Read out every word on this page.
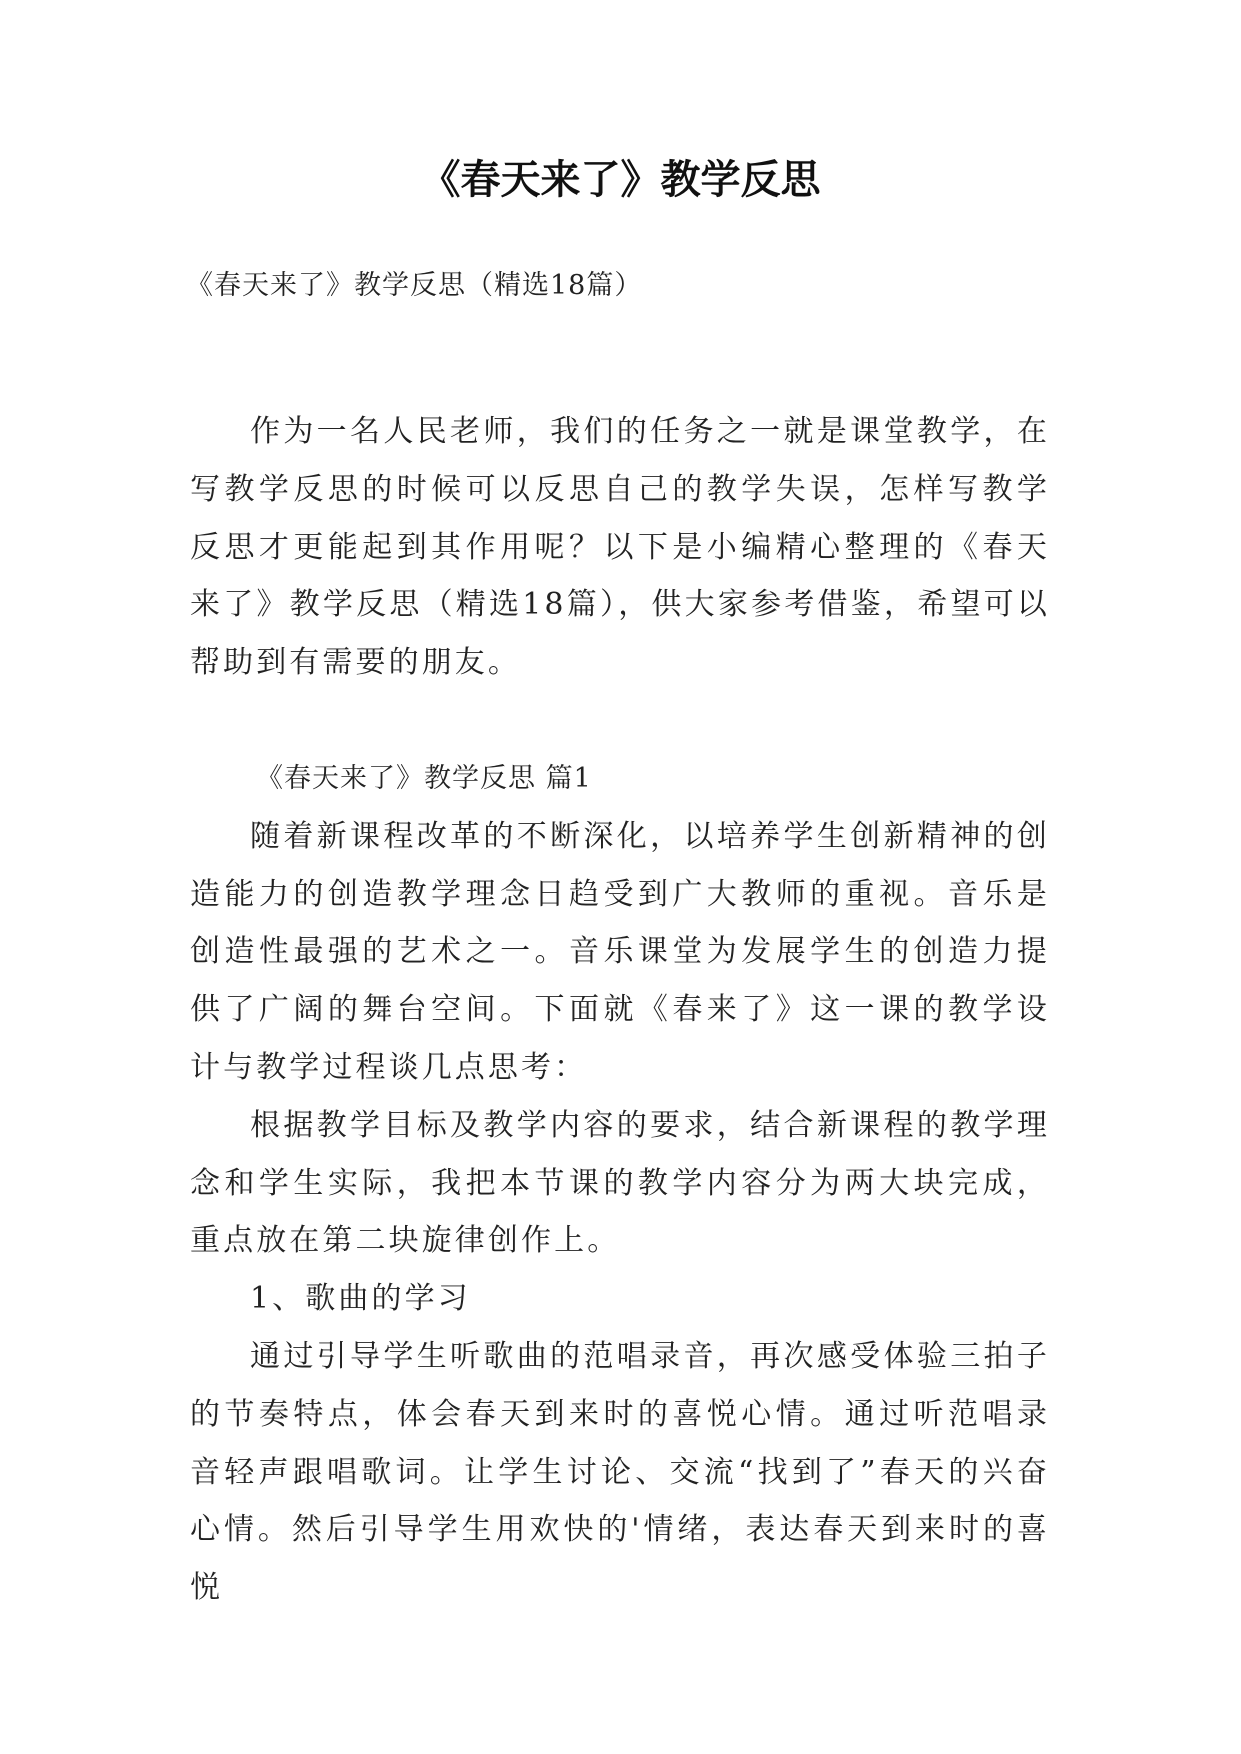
《春天来了》教学反思

《春天来了》教学反思（精选18篇）

作为一名人民老师，我们的任务之一就是课堂教学，在写教学反思的时候可以反思自己的教学失误，怎样写教学反思才更能起到其作用呢？以下是小编精心整理的《春天来了》教学反思（精选18篇），供大家参考借鉴，希望可以帮助到有需要的朋友。

《春天来了》教学反思 篇1

随着新课程改革的不断深化，以培养学生创新精神的创造能力的创造教学理念日趋受到广大教师的重视。音乐是创造性最强的艺术之一。音乐课堂为发展学生的创造力提供了广阔的舞台空间。下面就《春来了》这一课的教学设计与教学过程谈几点思考：

根据教学目标及教学内容的要求，结合新课程的教学理念和学生实际，我把本节课的教学内容分为两大块完成，重点放在第二块旋律创作上。

1、歌曲的学习

通过引导学生听歌曲的范唱录音，再次感受体验三拍子的节奏特点，体会春天到来时的喜悦心情。通过听范唱录音轻声跟唱歌词。让学生讨论、交流“找到了”春天的兴奋心情。然后引导学生用欢快的'情绪，表达春天到来时的喜悦
